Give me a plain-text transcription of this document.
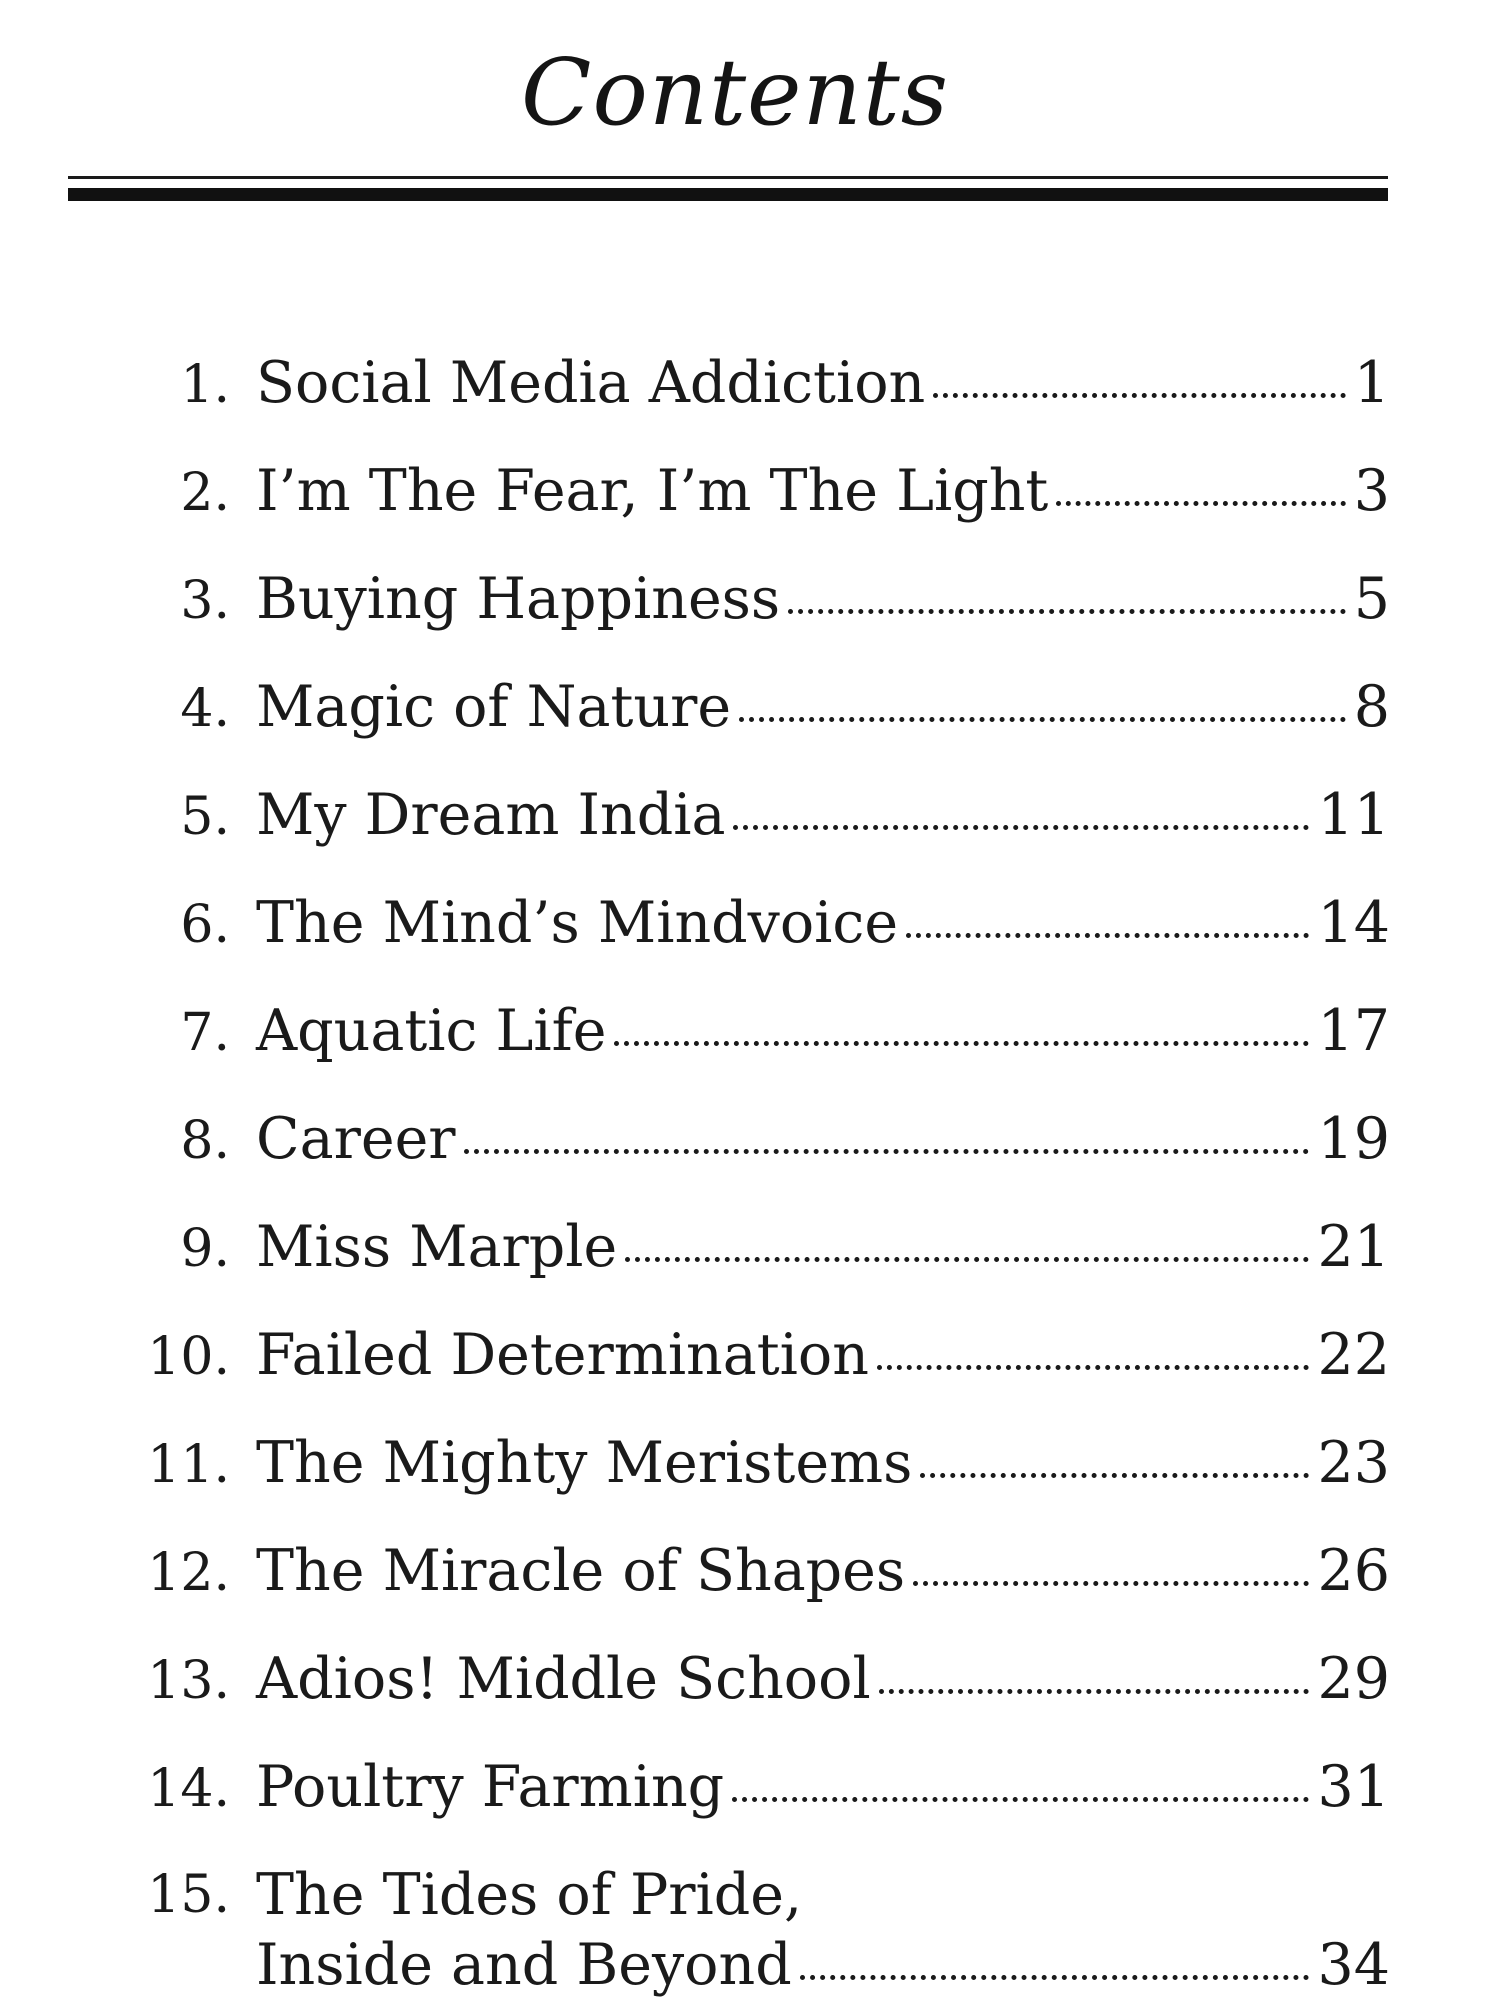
Contents
1. Social Media Addiction	1
2. I’m The Fear, I’m The Light	3
3. Buying Happiness	5
4. Magic of Nature	8
5. My Dream India	11
6. The Mind’s Mindvoice	14
7. Aquatic Life	17
8. Career	19
9. Miss Marple	21
10. Failed Determination	22
11. The Mighty Meristems	23
12. The Miracle of Shapes	26
13. Adios! Middle School	29
14. Poultry Farming	31
15. The Tides of Pride,
Inside and Beyond	34
